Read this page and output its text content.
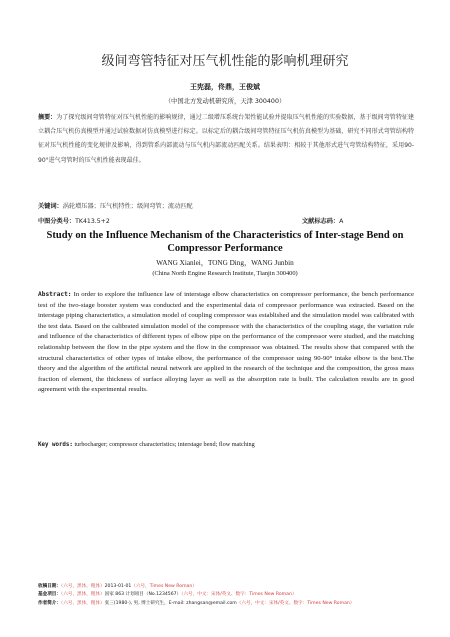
级间弯管特征对压气机性能的影响机理研究
王宪磊，佟鼎，王俊斌
（中国北方发动机研究所，天津 300400）
摘要：为了探究级间弯管特征对压气机性能的影响规律，通过二级增压系统台架性能试验并提取压气机性能的实验数据，基于级间弯管特征建立耦合压气机仿真模型并通过试验数据对仿真模型进行标定。以标定后的耦合级间弯管特征压气机仿真模型为基础，研究不同形式弯管结构特征对压气机性能的变化规律及影响，得到管系内部流动与压气机内部流动匹配关系。结果表明：相较于其他形式进气弯管结构特征，采用90-90°进气弯管时的压气机性能表现最佳。
关键词：涡轮增压器；压气机特性；级间弯管；流动匹配
中图分类号：TK413.5+2	文献标志码：A
Study on the Influence Mechanism of the Characteristics of Inter-stage Bend on Compressor Performance
WANG Xianlei，TONG Ding，WANG Junbin
(China North Engine Research Institute, Tianjin 300400)
Abstract: In order to explore the influence law of interstage elbow characteristics on compressor performance, the bench performance test of the two-stage booster system was conducted and the experimental data of compressor performance was extracted. Based on the interstage piping characteristics, a simulation model of coupling compressor was established and the simulation model was calibrated with the test data. Based on the calibrated simulation model of the compressor with the characteristics of the coupling stage, the variation rule and influence of the characteristics of different types of elbow pipe on the performance of the compressor were studied, and the matching relationship between the flow in the pipe system and the flow in the compressor was obtained. The results show that compared with the structural characteristics of other types of intake elbow, the performance of the compressor using 90-90° intake elbow is the best.The theory and the algorithm of the artificial neural network are applied in the research of the technique and the composition, the gross mass fraction of element, the thickness of surface alloying layer as well as the absorption rate is built. The calculation results are in good agreement with the experimental results.
Key words: turbocharger; compressor characteristics; interstage bend; flow matching
收稿日期：（六号，黑体，粗体）2013-01-01（六号，Times New Roman）
基金项目：（六号，黑体，粗体）国家 863 计划项目（No.1234567）（六号，中文：宋体/英文、数字：Times New Roman）
作者简介：（六号，黑体，粗体）张三(1980-), 男, 博士研究生，E-mail: zhangsan@email.com（六号，中文：宋体/英文、数字：Times New Roman）
